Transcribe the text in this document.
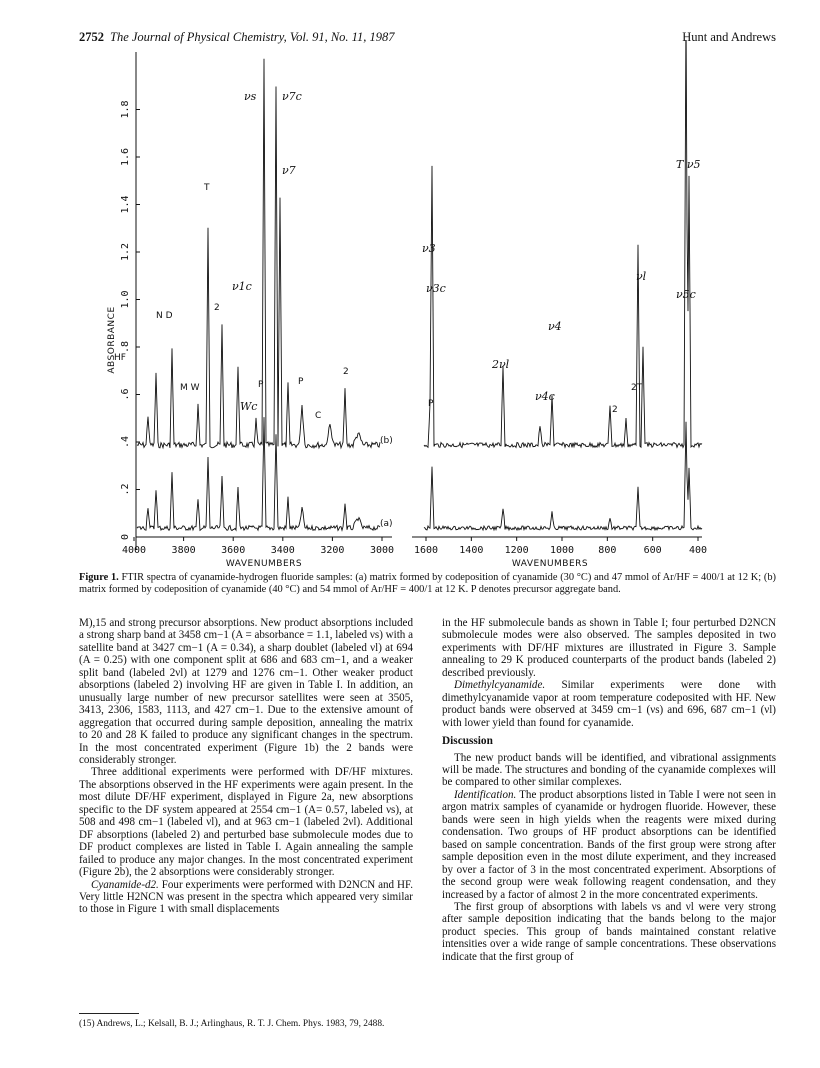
2752 The Journal of Physical Chemistry, Vol. 91, No. 11, 1987	Hunt and Andrews
0
.2
.4
.6
.8
1.0
1.2
1.4
1.6
1.8
ABSORBANCE
4000	3800	3600	3400	3200	3000 1600 1400 1200 1000 800	600	400
WAVENUMBERS	WAVENUMBERS
(b)
(a)
νs ν7c
ν7
T
ν1c
N D
HF
M W
Wc
P	P
C
2
2
ν3
ν3c
νl
ν4
2νl
ν4c
P
2
2T
T ν5
ν5c
Figure 1. FTIR spectra of cyanamide-hydrogen fluoride samples: (a) matrix formed by codeposition of cyanamide (30 °C) and 47 mmol of Ar/HF = 400/1 at 12 K; (b) matrix formed by codeposition of cyanamide (40 °C) and 54 mmol of Ar/HF = 400/1 at 12 K. P denotes precursor aggregate band.

M),15 and strong precursor absorptions. New product absorptions included a strong sharp band at 3458 cm−1 (A = absorbance = 1.1, labeled νs) with a satellite band at 3427 cm−1 (A = 0.34), a sharp doublet (labeled νl) at 694 (A = 0.25) with one component split at 686 and 683 cm−1, and a weaker split band (labeled 2νl) at 1279 and 1276 cm−1. Other weaker product absorptions (labeled 2) involving HF are given in Table I. In addition, an unusually large number of new precursor satellites were seen at 3505, 3413, 2306, 1583, 1113, and 427 cm−1. Due to the extensive amount of aggregation that occurred during sample deposition, annealing the matrix to 20 and 28 K failed to produce any significant changes in the spectrum. In the most concentrated experiment (Figure 1b) the 2 bands were considerably stronger.

Three additional experiments were performed with DF/HF mixtures. The absorptions observed in the HF experiments were again present. In the most dilute DF/HF experiment, displayed in Figure 2a, new absorptions specific to the DF system appeared at 2554 cm−1 (A= 0.57, labeled νs), at 508 and 498 cm−1 (labeled νl), and at 963 cm−1 (labeled 2νl). Additional DF absorptions (labeled 2) and perturbed base submolecule modes due to DF product complexes are listed in Table I. Again annealing the sample failed to produce any major changes. In the most concentrated experiment (Figure 2b), the 2 absorptions were considerably stronger.

Cyanamide-d2. Four experiments were performed with D2NCN and HF. Very little H2NCN was present in the spectra which appeared very similar to those in Figure 1 with small displacements

(15) Andrews, L.; Kelsall, B. J.; Arlinghaus, R. T. J. Chem. Phys. 1983, 79, 2488.

in the HF submolecule bands as shown in Table I; four perturbed D2NCN submolecule modes were also observed. The samples deposited in two experiments with DF/HF mixtures are illustrated in Figure 3. Sample annealing to 29 K produced counterparts of the product bands (labeled 2) described previously.

Dimethylcyanamide. Similar experiments were done with dimethylcyanamide vapor at room temperature codeposited with HF. New product bands were observed at 3459 cm−1 (νs) and 696, 687 cm−1 (νl) with lower yield than found for cyanamide.

Discussion

The new product bands will be identified, and vibrational assignments will be made. The structures and bonding of the cyanamide complexes will be compared to other similar complexes.

Identification. The product absorptions listed in Table I were not seen in argon matrix samples of cyanamide or hydrogen fluoride. However, these bands were seen in high yields when the reagents were mixed during condensation. Two groups of HF product absorptions can be identified based on sample concentration. Bands of the first group were strong after sample deposition even in the most dilute experiment, and they increased by over a factor of 3 in the most concentrated experiment. Absorptions of the second group were weak following reagent condensation, and they increased by a factor of almost 2 in the more concentrated experiments.

The first group of absorptions with labels νs and νl were very strong after sample deposition indicating that the bands belong to the major product species. This group of bands maintained constant relative intensities over a wide range of sample concentrations. These observations indicate that the first group of
